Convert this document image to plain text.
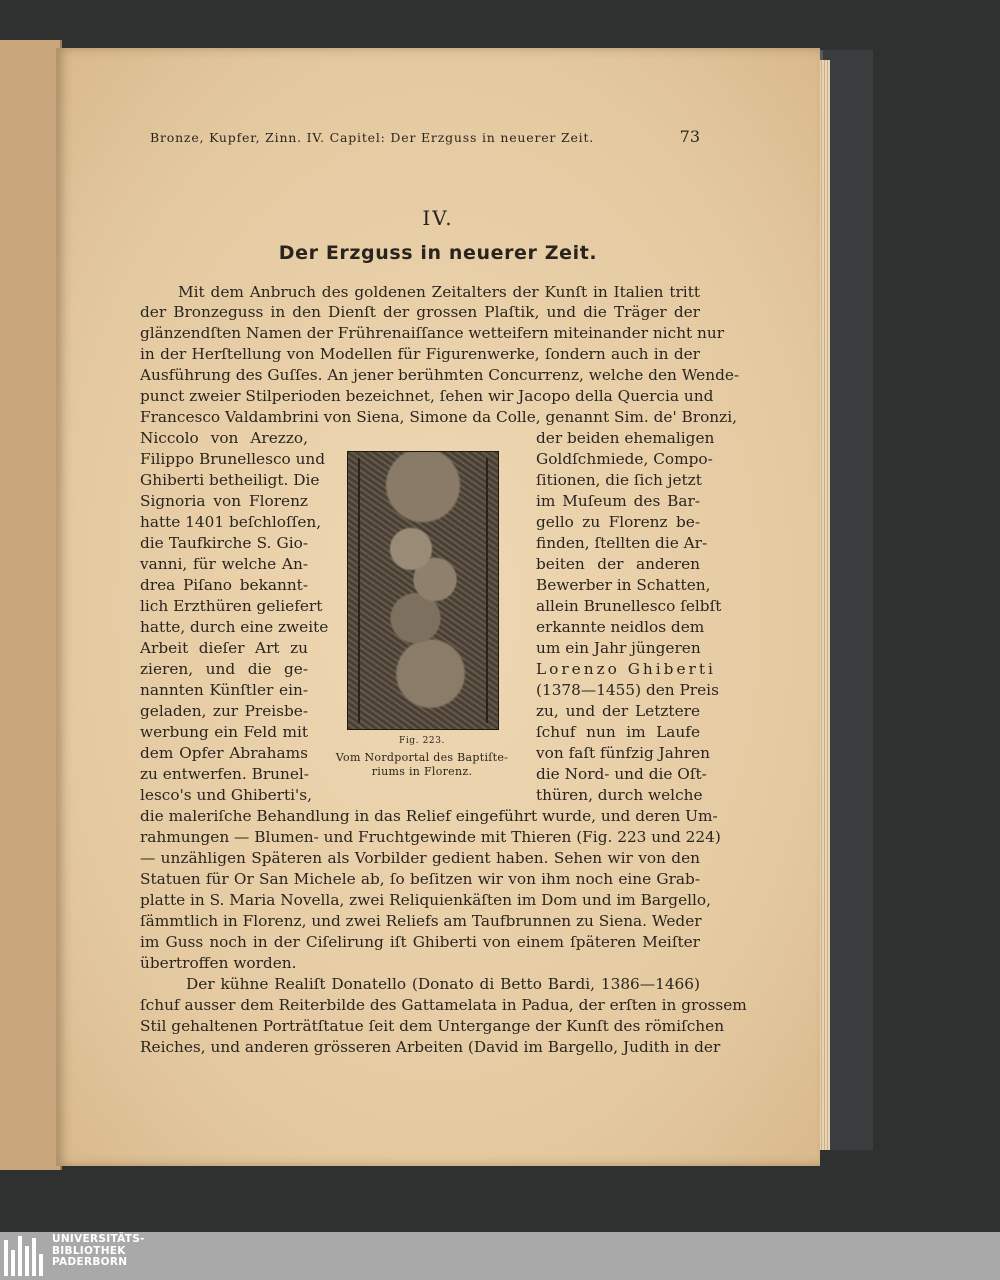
Bronze, Kupfer, Zinn. IV. Capitel: Der Erzguss in neuerer Zeit.	73
IV.
Der Erzguss in neuerer Zeit.
Mit dem Anbruch des goldenen Zeitalters der Kunſt in Italien tritt
der Bronzeguss in den Dienſt der grossen Plaſtik, und die Träger der
glänzendſten Namen der Frührenaiſſance wetteifern miteinander nicht nur
in der Herſtellung von Modellen für Figurenwerke, ſondern auch in der
Ausführung des Guſſes. An jener berühmten Concurrenz, welche den Wende-
punct zweier Stilperioden bezeichnet, ſehen wir Jacopo della Quercia und
Francesco Valdambrini von Siena, Simone da Colle, genannt Sim. de' Bronzi,
Niccolo von Arezzo,
Filippo Brunellesco und
Ghiberti betheiligt. Die
Signoria von Florenz
hatte 1401 beſchloſſen,
die Taufkirche S. Gio-
vanni, für welche An-
drea Piſano bekannt-
lich Erzthüren geliefert
hatte, durch eine zweite
Arbeit dieſer Art zu
zieren, und die ge-
nannten Künſtler ein-
geladen, zur Preisbe-
werbung ein Feld mit
dem Opfer Abrahams
zu entwerfen. Brunel-
lesco's und Ghiberti's,
Fig. 223.
Vom Nordportal des Baptiſte-
riums in Florenz.
der beiden ehemaligen
Goldſchmiede, Compo-
ſitionen, die ſich jetzt
im Muſeum des Bar-
gello zu Florenz be-
finden, ſtellten die Ar-
beiten der anderen
Bewerber in Schatten,
allein Brunellesco ſelbſt
erkannte neidlos dem
um ein Jahr jüngeren
Lorenzo Ghiberti
(1378—1455) den Preis
zu, und der Letztere
ſchuf nun im Laufe
von faſt fünfzig Jahren
die Nord- und die Oſt-
thüren, durch welche
die maleriſche Behandlung in das Relief eingeführt wurde, und deren Um-
rahmungen — Blumen- und Fruchtgewinde mit Thieren (Fig. 223 und 224)
— unzähligen Späteren als Vorbilder gedient haben. Sehen wir von den
Statuen für Or San Michele ab, ſo beſitzen wir von ihm noch eine Grab-
platte in S. Maria Novella, zwei Reliquienkäſten im Dom und im Bargello,
ſämmtlich in Florenz, und zwei Reliefs am Taufbrunnen zu Siena. Weder
im Guss noch in der Ciſelirung iſt Ghiberti von einem ſpäteren Meiſter
übertroffen worden.
Der kühne Realiſt Donatello (Donato di Betto Bardi, 1386—1466)
ſchuf ausser dem Reiterbilde des Gattamelata in Padua, der erſten in grossem
Stil gehaltenen Porträtſtatue ſeit dem Untergange der Kunſt des römiſchen
Reiches, und anderen grösseren Arbeiten (David im Bargello, Judith in der
UNIVERSITÄTS-
BIBLIOTHEK
PADERBORN
